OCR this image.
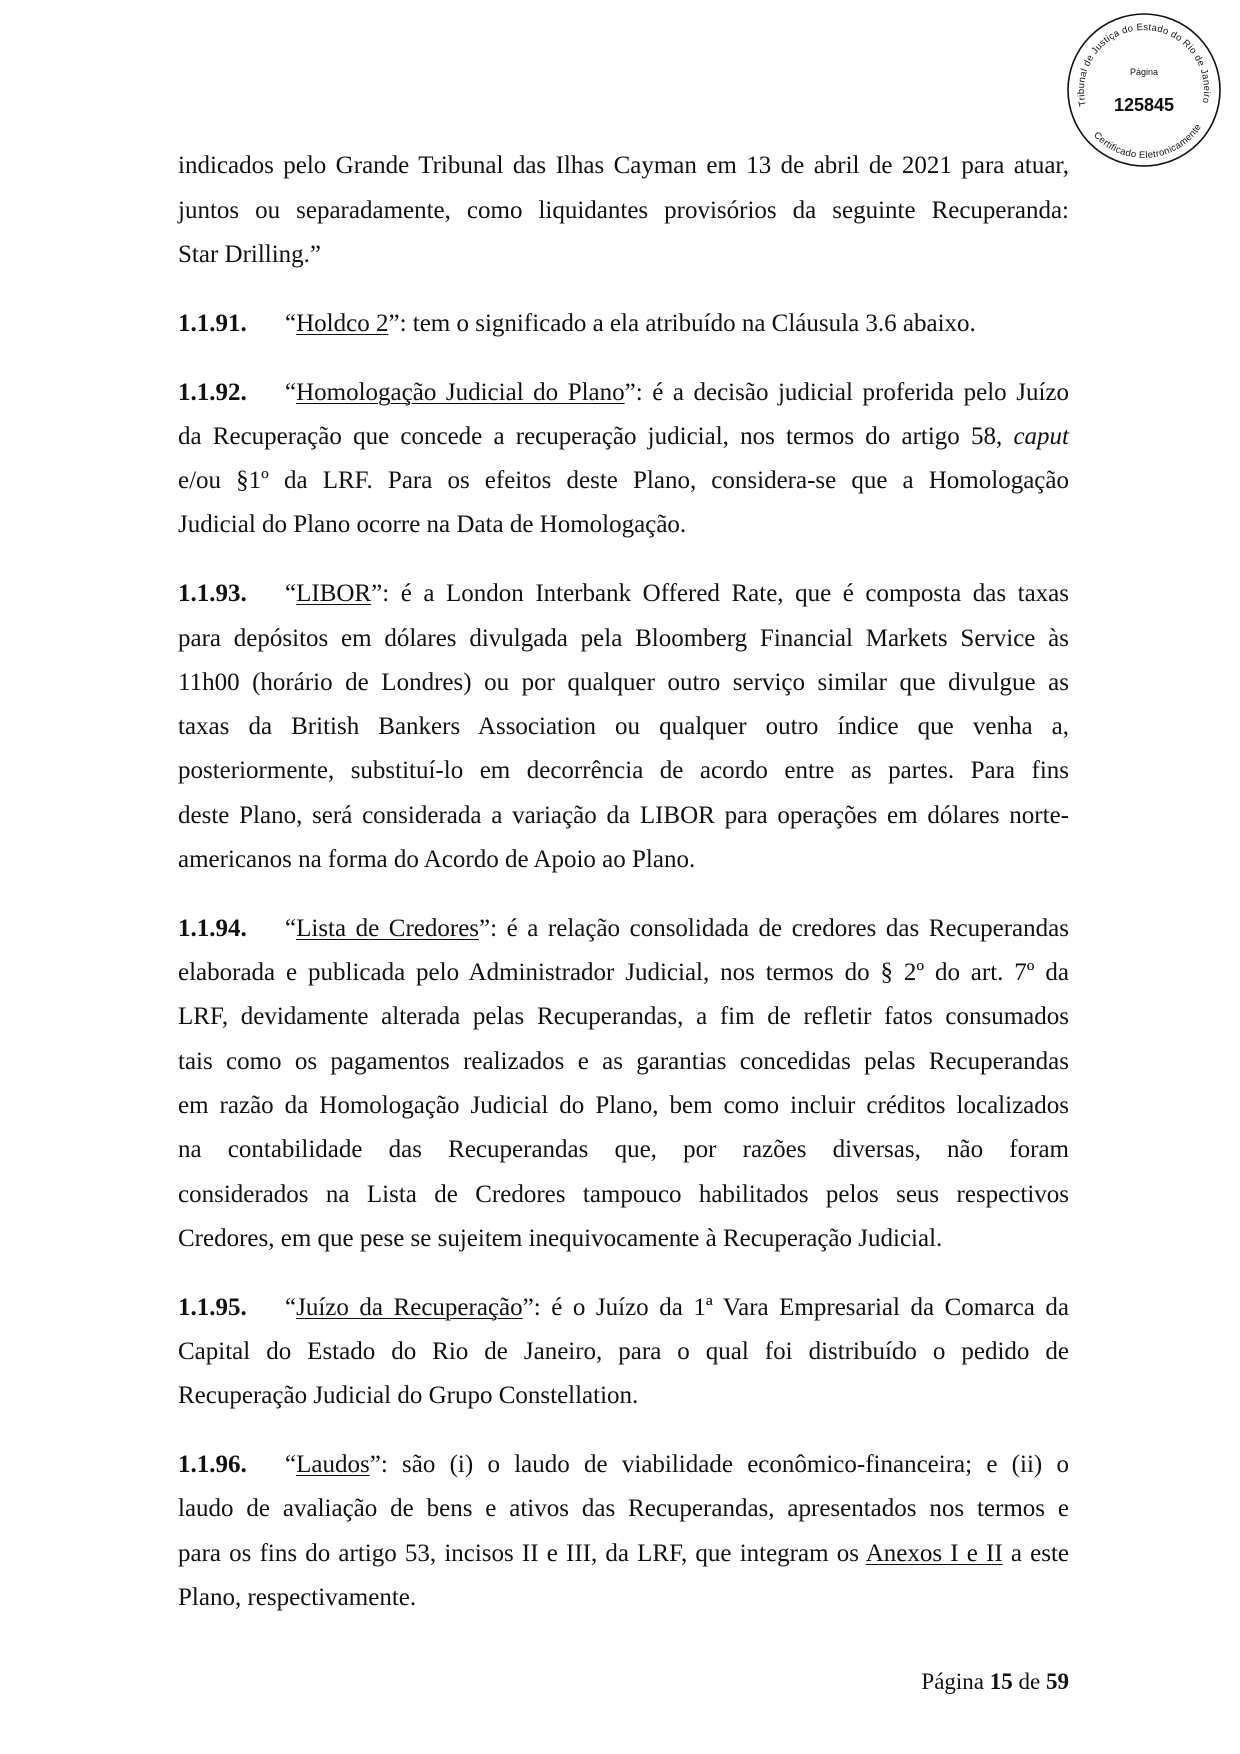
Tribunal de Justiça do Estado do Rio de Janeiro
Certificado Eletronicamente
Página
125845
indicados pelo Grande Tribunal das Ilhas Cayman em 13 de abril de 2021 para atuar,
juntos ou separadamente, como liquidantes provisórios da seguinte Recuperanda:
Star Drilling.”
1.1.91. “Holdco 2”: tem o significado a ela atribuído na Cláusula 3.6 abaixo.
1.1.92. “Homologação Judicial do Plano”: é a decisão judicial proferida pelo Juízo
da Recuperação que concede a recuperação judicial, nos termos do artigo 58, caput
e/ou §1º da LRF. Para os efeitos deste Plano, considera-se que a Homologação
Judicial do Plano ocorre na Data de Homologação.
1.1.93. “LIBOR”: é a London Interbank Offered Rate, que é composta das taxas
para depósitos em dólares divulgada pela Bloomberg Financial Markets Service às
11h00 (horário de Londres) ou por qualquer outro serviço similar que divulgue as
taxas da British Bankers Association ou qualquer outro índice que venha a,
posteriormente, substituí-lo em decorrência de acordo entre as partes. Para fins
deste Plano, será considerada a variação da LIBOR para operações em dólares norte-
americanos na forma do Acordo de Apoio ao Plano.
1.1.94. “Lista de Credores”: é a relação consolidada de credores das Recuperandas
elaborada e publicada pelo Administrador Judicial, nos termos do § 2º do art. 7º da
LRF, devidamente alterada pelas Recuperandas, a fim de refletir fatos consumados
tais como os pagamentos realizados e as garantias concedidas pelas Recuperandas
em razão da Homologação Judicial do Plano, bem como incluir créditos localizados
na contabilidade das Recuperandas que, por razões diversas, não foram
considerados na Lista de Credores tampouco habilitados pelos seus respectivos
Credores, em que pese se sujeitem inequivocamente à Recuperação Judicial.
1.1.95. “Juízo da Recuperação”: é o Juízo da 1ª Vara Empresarial da Comarca da
Capital do Estado do Rio de Janeiro, para o qual foi distribuído o pedido de
Recuperação Judicial do Grupo Constellation.
1.1.96. “Laudos”: são (i) o laudo de viabilidade econômico-financeira; e (ii) o
laudo de avaliação de bens e ativos das Recuperandas, apresentados nos termos e
para os fins do artigo 53, incisos II e III, da LRF, que integram os Anexos I e II a este
Plano, respectivamente.
Página 15 de 59
